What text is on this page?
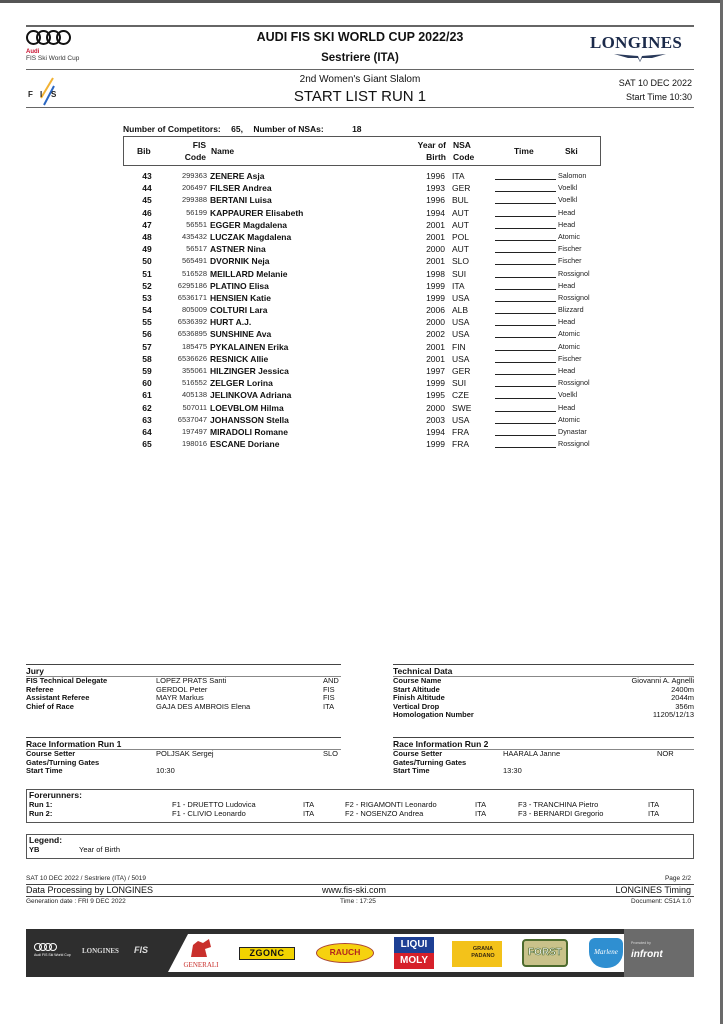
Audi
FIS Ski World Cup
AUDI FIS SKI WORLD CUP 2022/23
Sestriere (ITA)
LONGINES
F I S
2nd Women's Giant Slalom
START LIST RUN 1
SAT 10 DEC 2022
Start Time 10:30
Number of Competitors: 65, Number of NSAs:	18
Bib
FIS
Code
Name
Year of
Birth
NSA
Code
Time	Ski
43	299363 ZENERE Asja	1996 ITA	Salomon
44	206497 FILSER Andrea	1993 GER	Voelkl
45	299388 BERTANI Luisa	1996 BUL	Voelkl
46	56199 KAPPAURER Elisabeth	1994 AUT	Head
47	56551 EGGER Magdalena	2001 AUT	Head
48	435432 LUCZAK Magdalena	2001 POL	Atomic
49	56517 ASTNER Nina	2000 AUT	Fischer
50	565491 DVORNIK Neja	2001 SLO	Fischer
51	516528 MEILLARD Melanie	1998 SUI	Rossignol
52	6295186 PLATINO Elisa	1999 ITA	Head
53	6536171 HENSIEN Katie	1999 USA	Rossignol
54	805009 COLTURI Lara	2006 ALB	Blizzard
55	6536392 HURT A.J.	2000 USA	Head
56	6536895 SUNSHINE Ava	2002 USA	Atomic
57	185475 PYKALAINEN Erika	2001 FIN	Atomic
58	6536626 RESNICK Allie	2001 USA	Fischer
59	355061 HILZINGER Jessica	1997 GER	Head
60	516552 ZELGER Lorina	1999 SUI	Rossignol
61	405138 JELINKOVA Adriana	1995 CZE	Voelkl
62	507011 LOEVBLOM Hilma	2000 SWE	Head
63	6537047 JOHANSSON Stella	2003 USA	Atomic
64	197497 MIRADOLI Romane	1994 FRA	Dynastar
65	198016 ESCANE Doriane	1999 FRA	Rossignol
Jury
FIS Technical Delegate	LOPEZ PRATS Santi	AND
Referee	GERDOL Peter	FIS
Assistant Referee	MAYR Markus	FIS
Chief of Race	GAJA DES AMBROIS Elena	ITA
Technical Data
Course Name	Giovanni A. Agnelli
Start Altitude	2400m
Finish Altitude	2044m
Vertical Drop	356m
Homologation Number	11205/12/13
Race Information Run 1
Course Setter	POLJSAK Sergej	SLO
Gates/Turning Gates
Start Time	10:30
Race Information Run 2
Course Setter	HAARALA Janne	NOR
Gates/Turning Gates
Start Time	13:30
Forerunners:
Run 1:	F1 - DRUETTO Ludovica	ITA	F2 - RIGAMONTI Leonardo	ITA	F3 - TRANCHINA Pietro	ITA
Run 2:	F1 - CLIVIO Leonardo	ITA	F2 - NOSENZO Andrea	ITA	F3 - BERNARDI Gregorio	ITA
Legend:
YB	Year of Birth
SAT 10 DEC 2022 / Sestriere (ITA) / 5019	Page 2/2
Data Processing by LONGINES	www.fis-ski.com	LONGINES Timing
Generation date : FRI 9 DEC 2022	Time : 17:25	Document: C51A 1.0
Audi FIS Ski World Cup LONGINES FIS
GENERALI
ZGONC	RAUCH
LIQUI
MOLY
GRANA
PADANO	FORST	Marlene
Promoted by
infront
